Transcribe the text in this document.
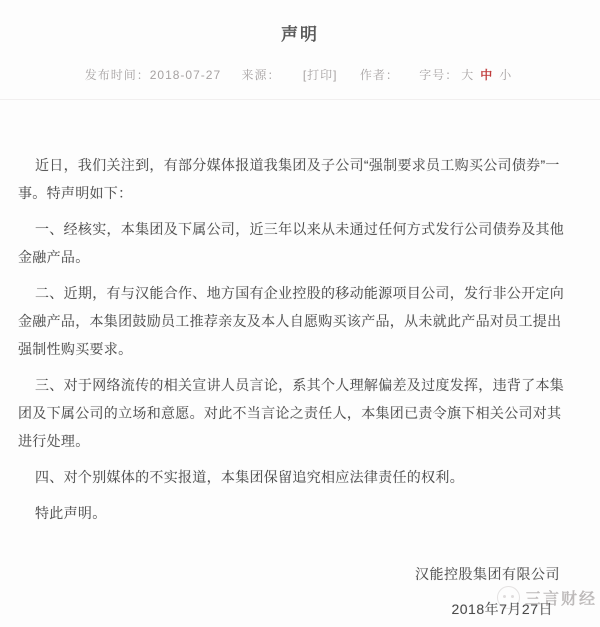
声明
发布时间：2018-07-27 来源： [打印] 作者： 字号： 大 中 小

近日，我们关注到，有部分媒体报道我集团及子公司“强制要求员工购买公司债券”一事。特声明如下：

一、经核实，本集团及下属公司，近三年以来从未通过任何方式发行公司债券及其他金融产品。

二、近期，有与汉能合作、地方国有企业控股的移动能源项目公司，发行非公开定向金融产品，本集团鼓励员工推荐亲友及本人自愿购买该产品，从未就此产品对员工提出强制性购买要求。

三、对于网络流传的相关宣讲人员言论，系其个人理解偏差及过度发挥，违背了本集团及下属公司的立场和意愿。对此不当言论之责任人，本集团已责令旗下相关公司对其进行处理。

四、对个别媒体的不实报道，本集团保留追究相应法律责任的权利。

特此声明。

汉能控股集团有限公司
2018年7月27日
三言财经
